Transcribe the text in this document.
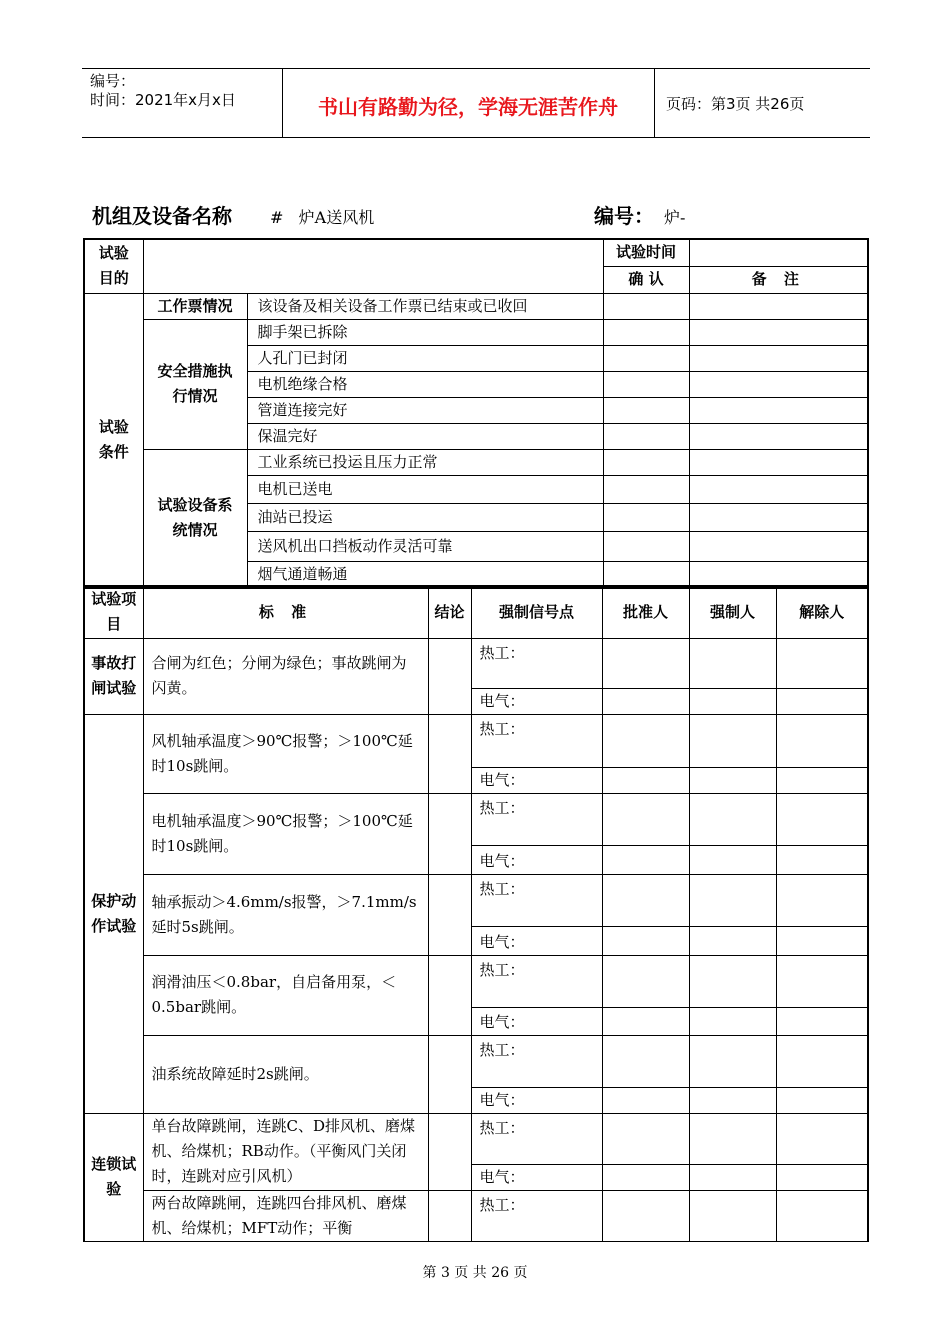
编号：
时间：2021年x月x日	书山有路勤为径，学海无涯苦作舟	页码：第3页 共26页
机组及设备名称 #   炉A送风机	编号： 炉-
试验目的			试验时间	
			确 认	备 注
试验条件	工作票情况	该设备及相关设备工作票已结束或已收回		
	安全措施执行情况	脚手架已拆除		
		人孔门已封闭		
		电机绝缘合格		
		管道连接完好		
		保温完好		
	试验设备系统情况	工业系统已投运且压力正常		
		电机已送电		
		油站已投运		
		送风机出口挡板动作灵活可靠		
		烟气通道畅通		
试验项目	标 准	结论	强制信号点	批准人	强制人	解除人
事故打闸试验	合闸为红色；分闸为绿色；事故跳闸为闪黄。		热工：			
			电气：			
保护动作试验	风机轴承温度＞90℃报警；＞100℃延时10s跳闸。		热工：			
			电气：			
	电机轴承温度＞90℃报警；＞100℃延时10s跳闸。		热工：			
			电气：			
	轴承振动＞4.6mm/s报警，＞7.1mm/s延时5s跳闸。		热工：			
			电气：			
	润滑油压＜0.8bar，自启备用泵，＜0.5bar跳闸。		热工：			
			电气：			
	油系统故障延时2s跳闸。		热工：			
			电气：			
连锁试验	单台故障跳闸，连跳C、D排风机、磨煤机、给煤机；RB动作。（平衡风门关闭时，连跳对应引风机）		热工：			
			电气：			
	两台故障跳闸，连跳四台排风机、磨煤机、给煤机；MFT动作；平衡		热工：			
第 3 页 共 26 页
